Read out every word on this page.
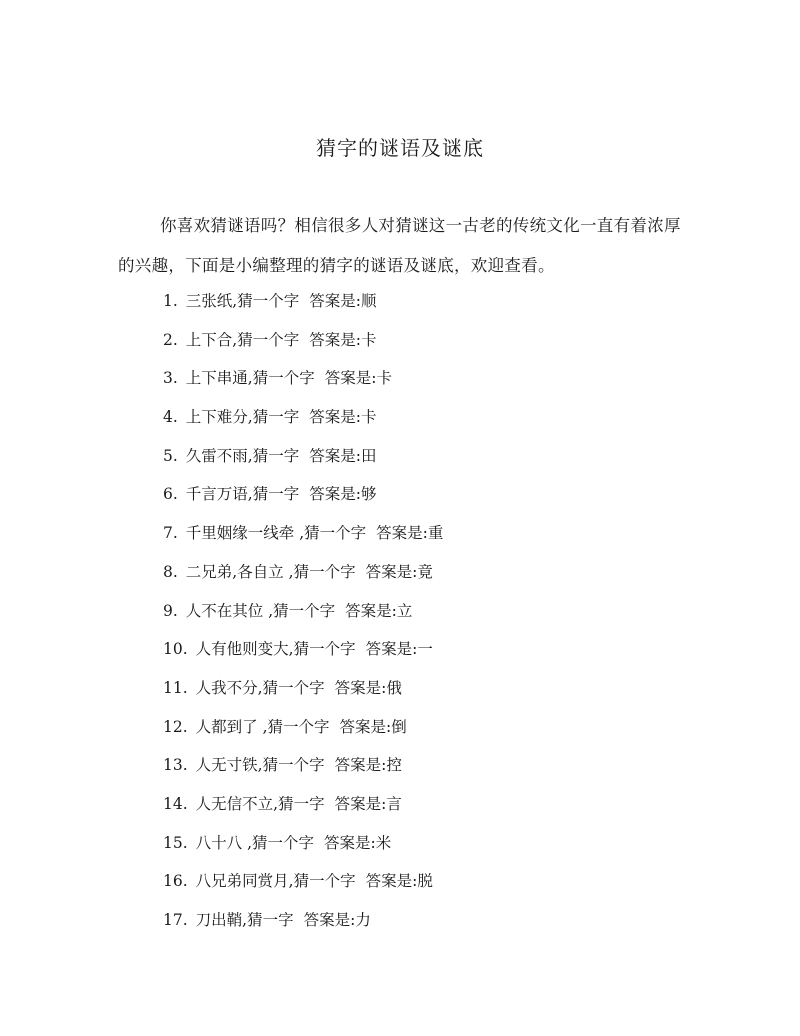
猜字的谜语及谜底

你喜欢猜谜语吗？相信很多人对猜谜这一古老的传统文化一直有着浓厚的兴趣，下面是小编整理的猜字的谜语及谜底，欢迎查看。

1. 三张纸,猜一个字 答案是:顺
2. 上下合,猜一个字 答案是:卡
3. 上下串通,猜一个字 答案是:卡
4. 上下难分,猜一字 答案是:卡
5. 久雷不雨,猜一字 答案是:田
6. 千言万语,猜一字 答案是:够
7. 千里姻缘一线牵 ,猜一个字 答案是:重
8. 二兄弟,各自立 ,猜一个字 答案是:竟
9. 人不在其位 ,猜一个字 答案是:立
10. 人有他则变大,猜一个字 答案是:一
11. 人我不分,猜一个字 答案是:俄
12. 人都到了 ,猜一个字 答案是:倒
13. 人无寸铁,猜一个字 答案是:控
14. 人无信不立,猜一字 答案是:言
15. 八十八 ,猜一个字 答案是:米
16. 八兄弟同赏月,猜一个字 答案是:脱
17. 刀出鞘,猜一字 答案是:力
